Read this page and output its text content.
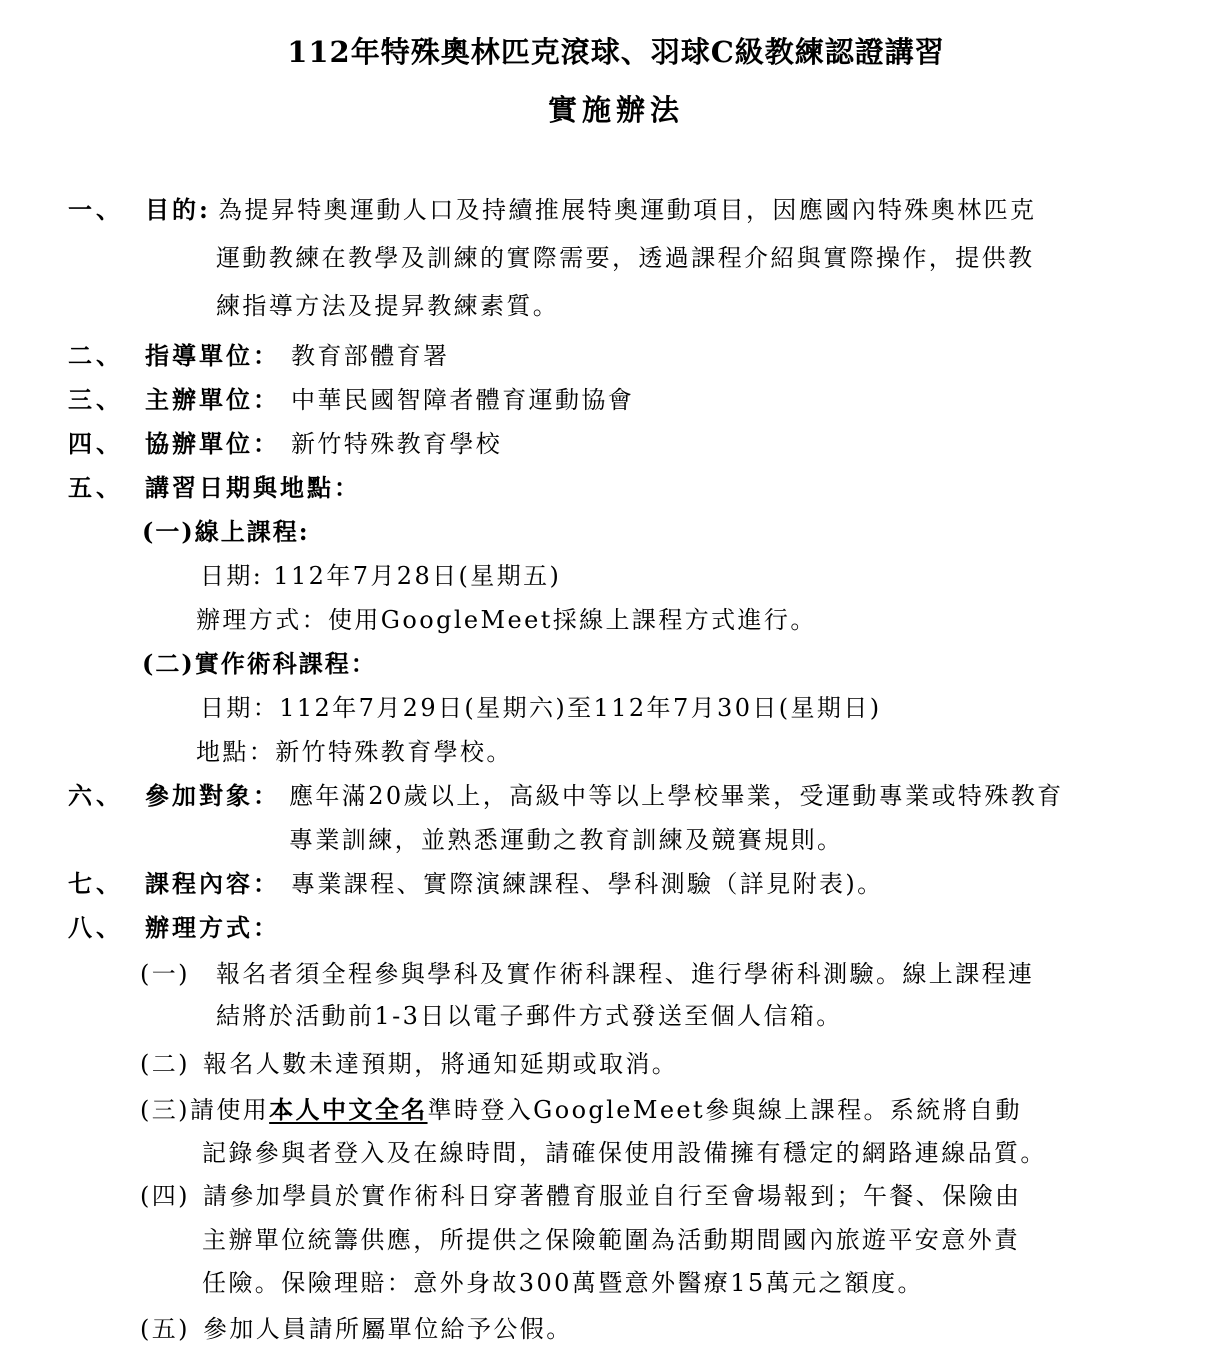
112年特殊奧林匹克滾球、羽球C級教練認證講習
實施辦法
一、 目的: 為提昇特奧運動人口及持續推展特奧運動項目，因應國內特殊奧林匹克
運動教練在教學及訓練的實際需要，透過課程介紹與實際操作，提供教
練指導方法及提昇教練素質。
二、 指導單位： 教育部體育署
三、 主辦單位： 中華民國智障者體育運動協會
四、 協辦單位： 新竹特殊教育學校
五、 講習日期與地點：
(一)線上課程:
日期: 112年7月28日(星期五)
辦理方式：使用GoogleMeet採線上課程方式進行。
(二)實作術科課程：
日期：112年7月29日(星期六)至112年7月30日(星期日)
地點：新竹特殊教育學校。
六、 參加對象： 應年滿20歲以上，高級中等以上學校畢業，受運動專業或特殊教育
專業訓練，並熟悉運動之教育訓練及競賽規則。
七、 課程內容： 專業課程、實際演練課程、學科測驗（詳見附表)。
八、 辦理方式：
(一) 報名者須全程參與學科及實作術科課程、進行學術科測驗。線上課程連
結將於活動前1-3日以電子郵件方式發送至個人信箱。
(二) 報名人數未達預期，將通知延期或取消。
(三)請使用本人中文全名準時登入GoogleMeet參與線上課程。系統將自動
記錄參與者登入及在線時間，請確保使用設備擁有穩定的網路連線品質。
(四) 請參加學員於實作術科日穿著體育服並自行至會場報到；午餐、保險由
主辦單位統籌供應，所提供之保險範圍為活動期間國內旅遊平安意外責
任險。保險理賠：意外身故300萬暨意外醫療15萬元之額度。
(五) 參加人員請所屬單位給予公假。
